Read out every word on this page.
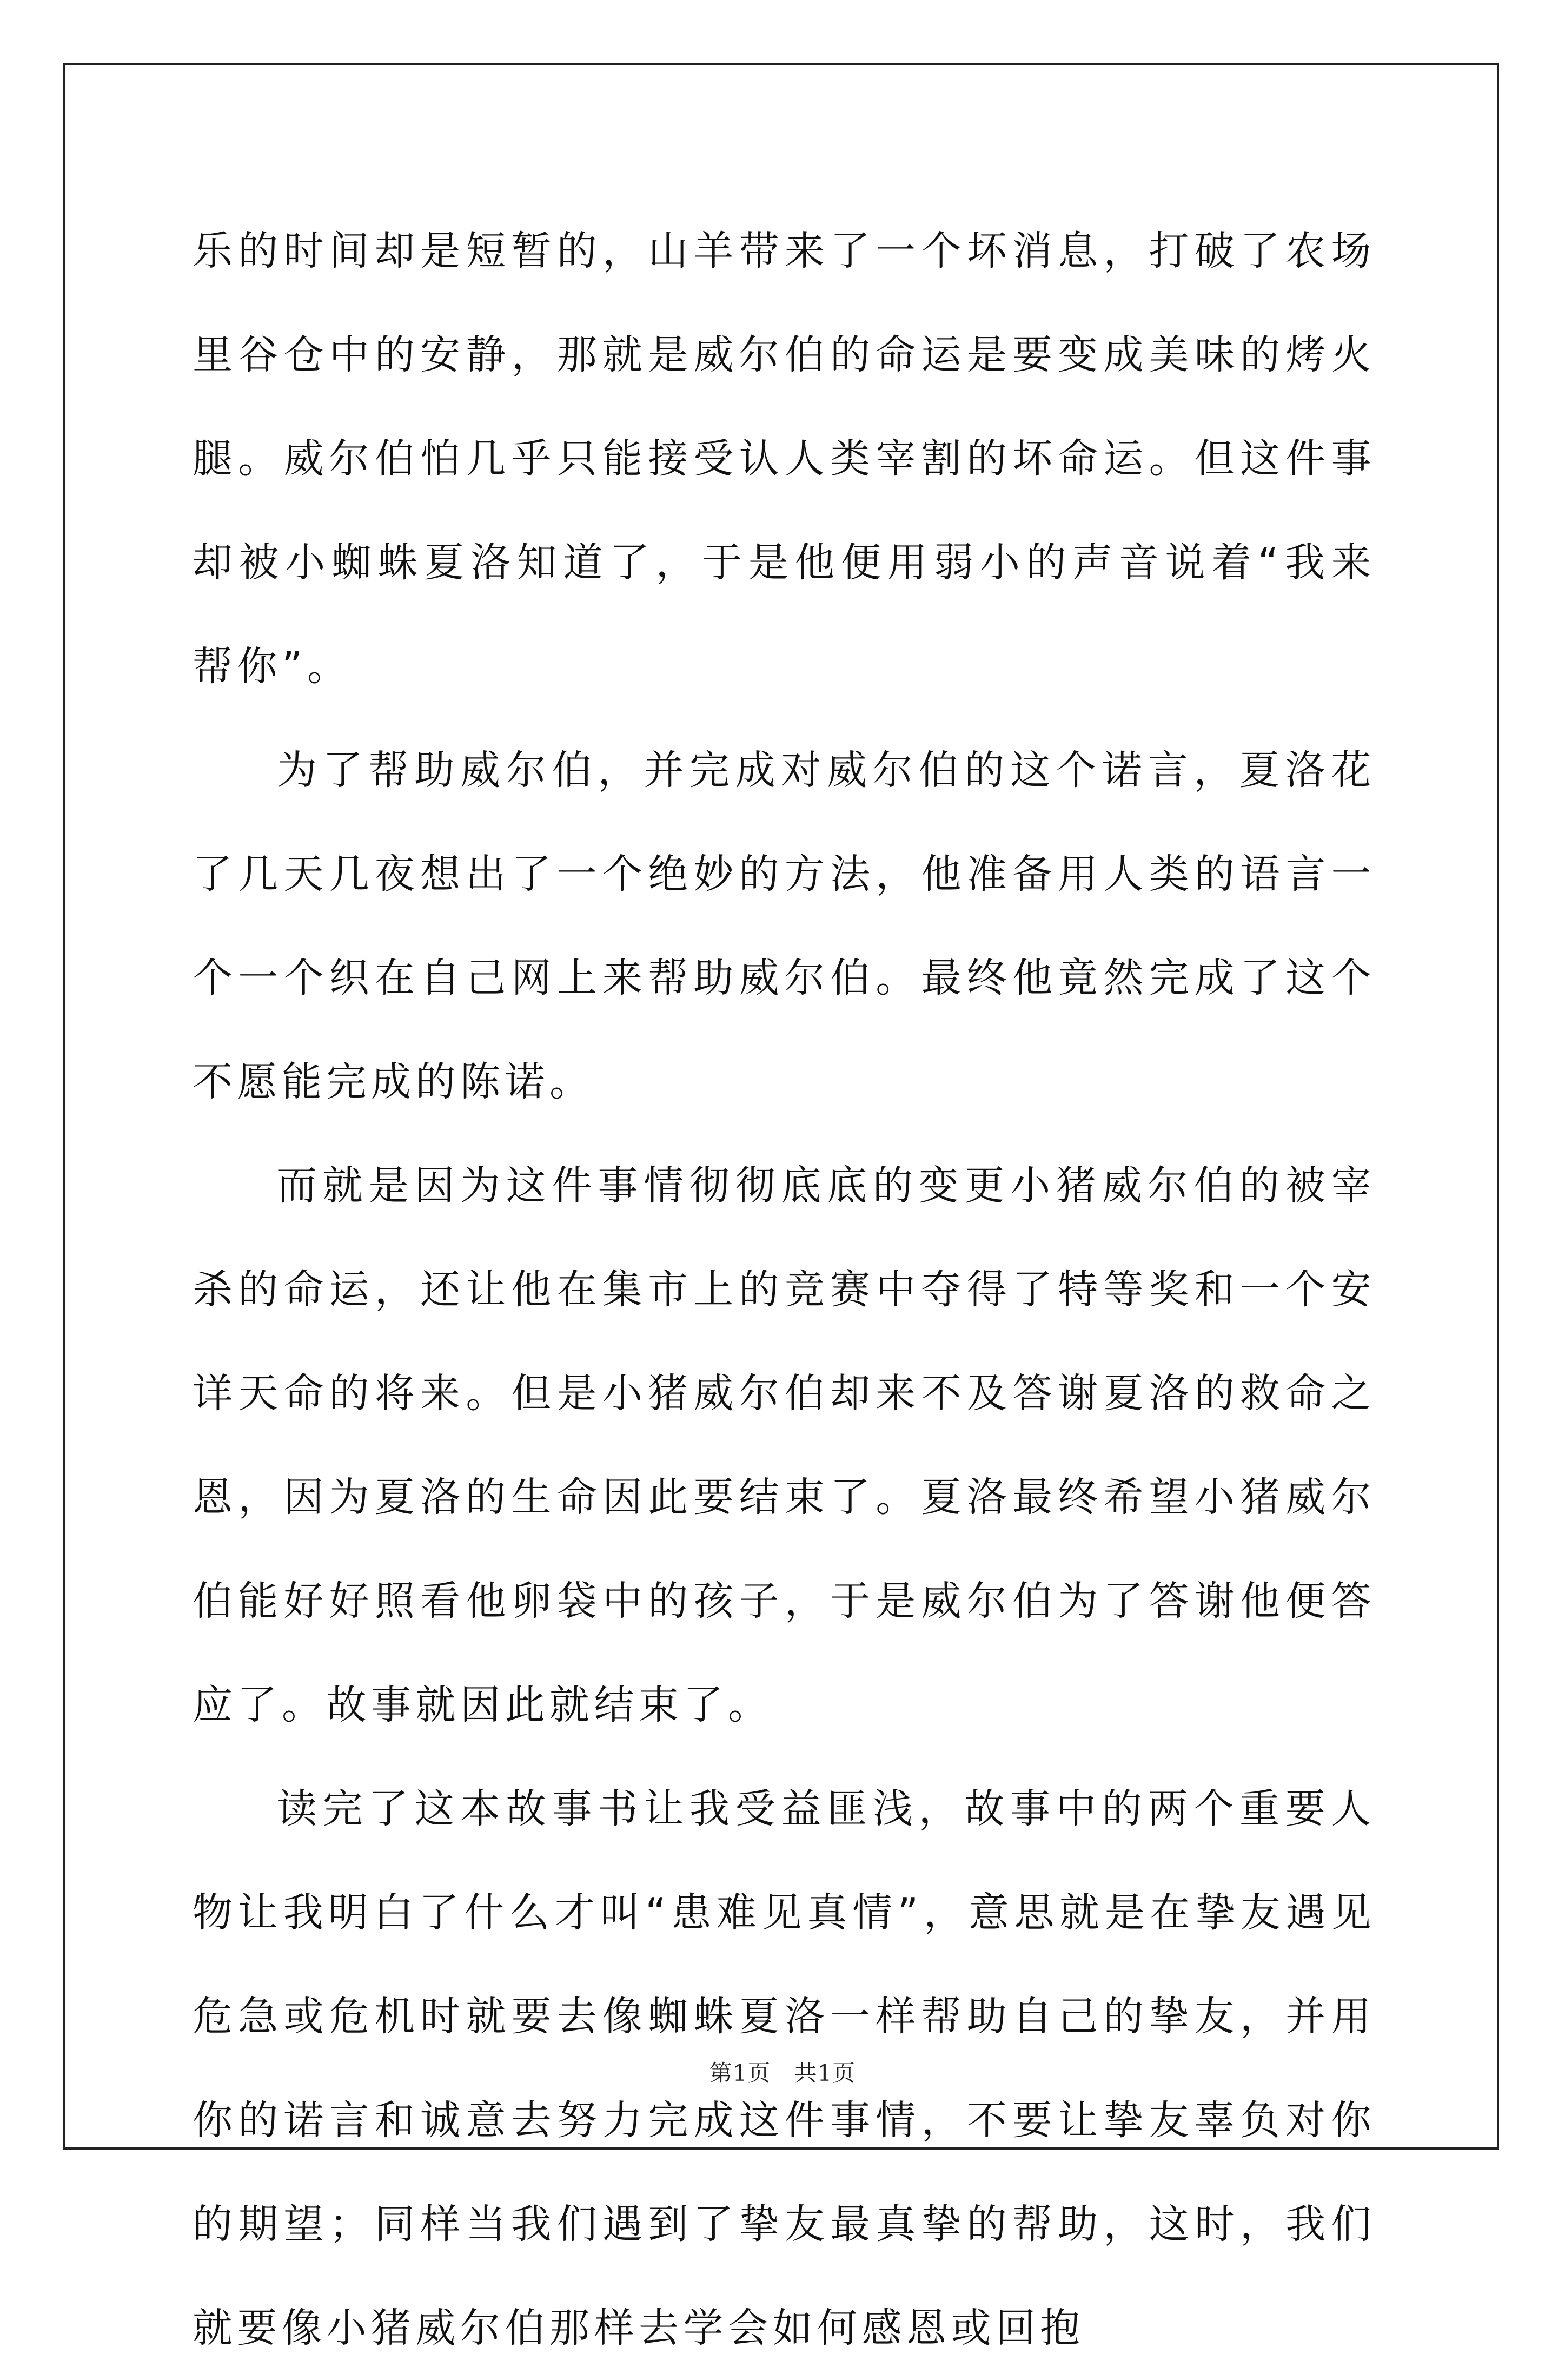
乐的时间却是短暂的，山羊带来了一个坏消息，打破了农场里谷仓中的安静，那就是威尔伯的命运是要变成美味的烤火腿。威尔伯怕几乎只能接受认人类宰割的坏命运。但这件事却被小蜘蛛夏洛知道了，于是他便用弱小的声音说着“我来帮你”。

为了帮助威尔伯，并完成对威尔伯的这个诺言，夏洛花了几天几夜想出了一个绝妙的方法，他准备用人类的语言一个一个织在自己网上来帮助威尔伯。最终他竟然完成了这个不愿能完成的陈诺。

而就是因为这件事情彻彻底底的变更小猪威尔伯的被宰杀的命运，还让他在集市上的竞赛中夺得了特等奖和一个安详天命的将来。但是小猪威尔伯却来不及答谢夏洛的救命之恩，因为夏洛的生命因此要结束了。夏洛最终希望小猪威尔伯能好好照看他卵袋中的孩子，于是威尔伯为了答谢他便答应了。故事就因此就结束了。

读完了这本故事书让我受益匪浅，故事中的两个重要人物让我明白了什么才叫“患难见真情”，意思就是在挚友遇见危急或危机时就要去像蜘蛛夏洛一样帮助自己的挚友，并用你的诺言和诚意去努力完成这件事情，不要让挚友辜负对你的期望；同样当我们遇到了挚友最真挚的帮助，这时，我们就要像小猪威尔伯那样去学会如何感恩或回抱

第1页　共1页
